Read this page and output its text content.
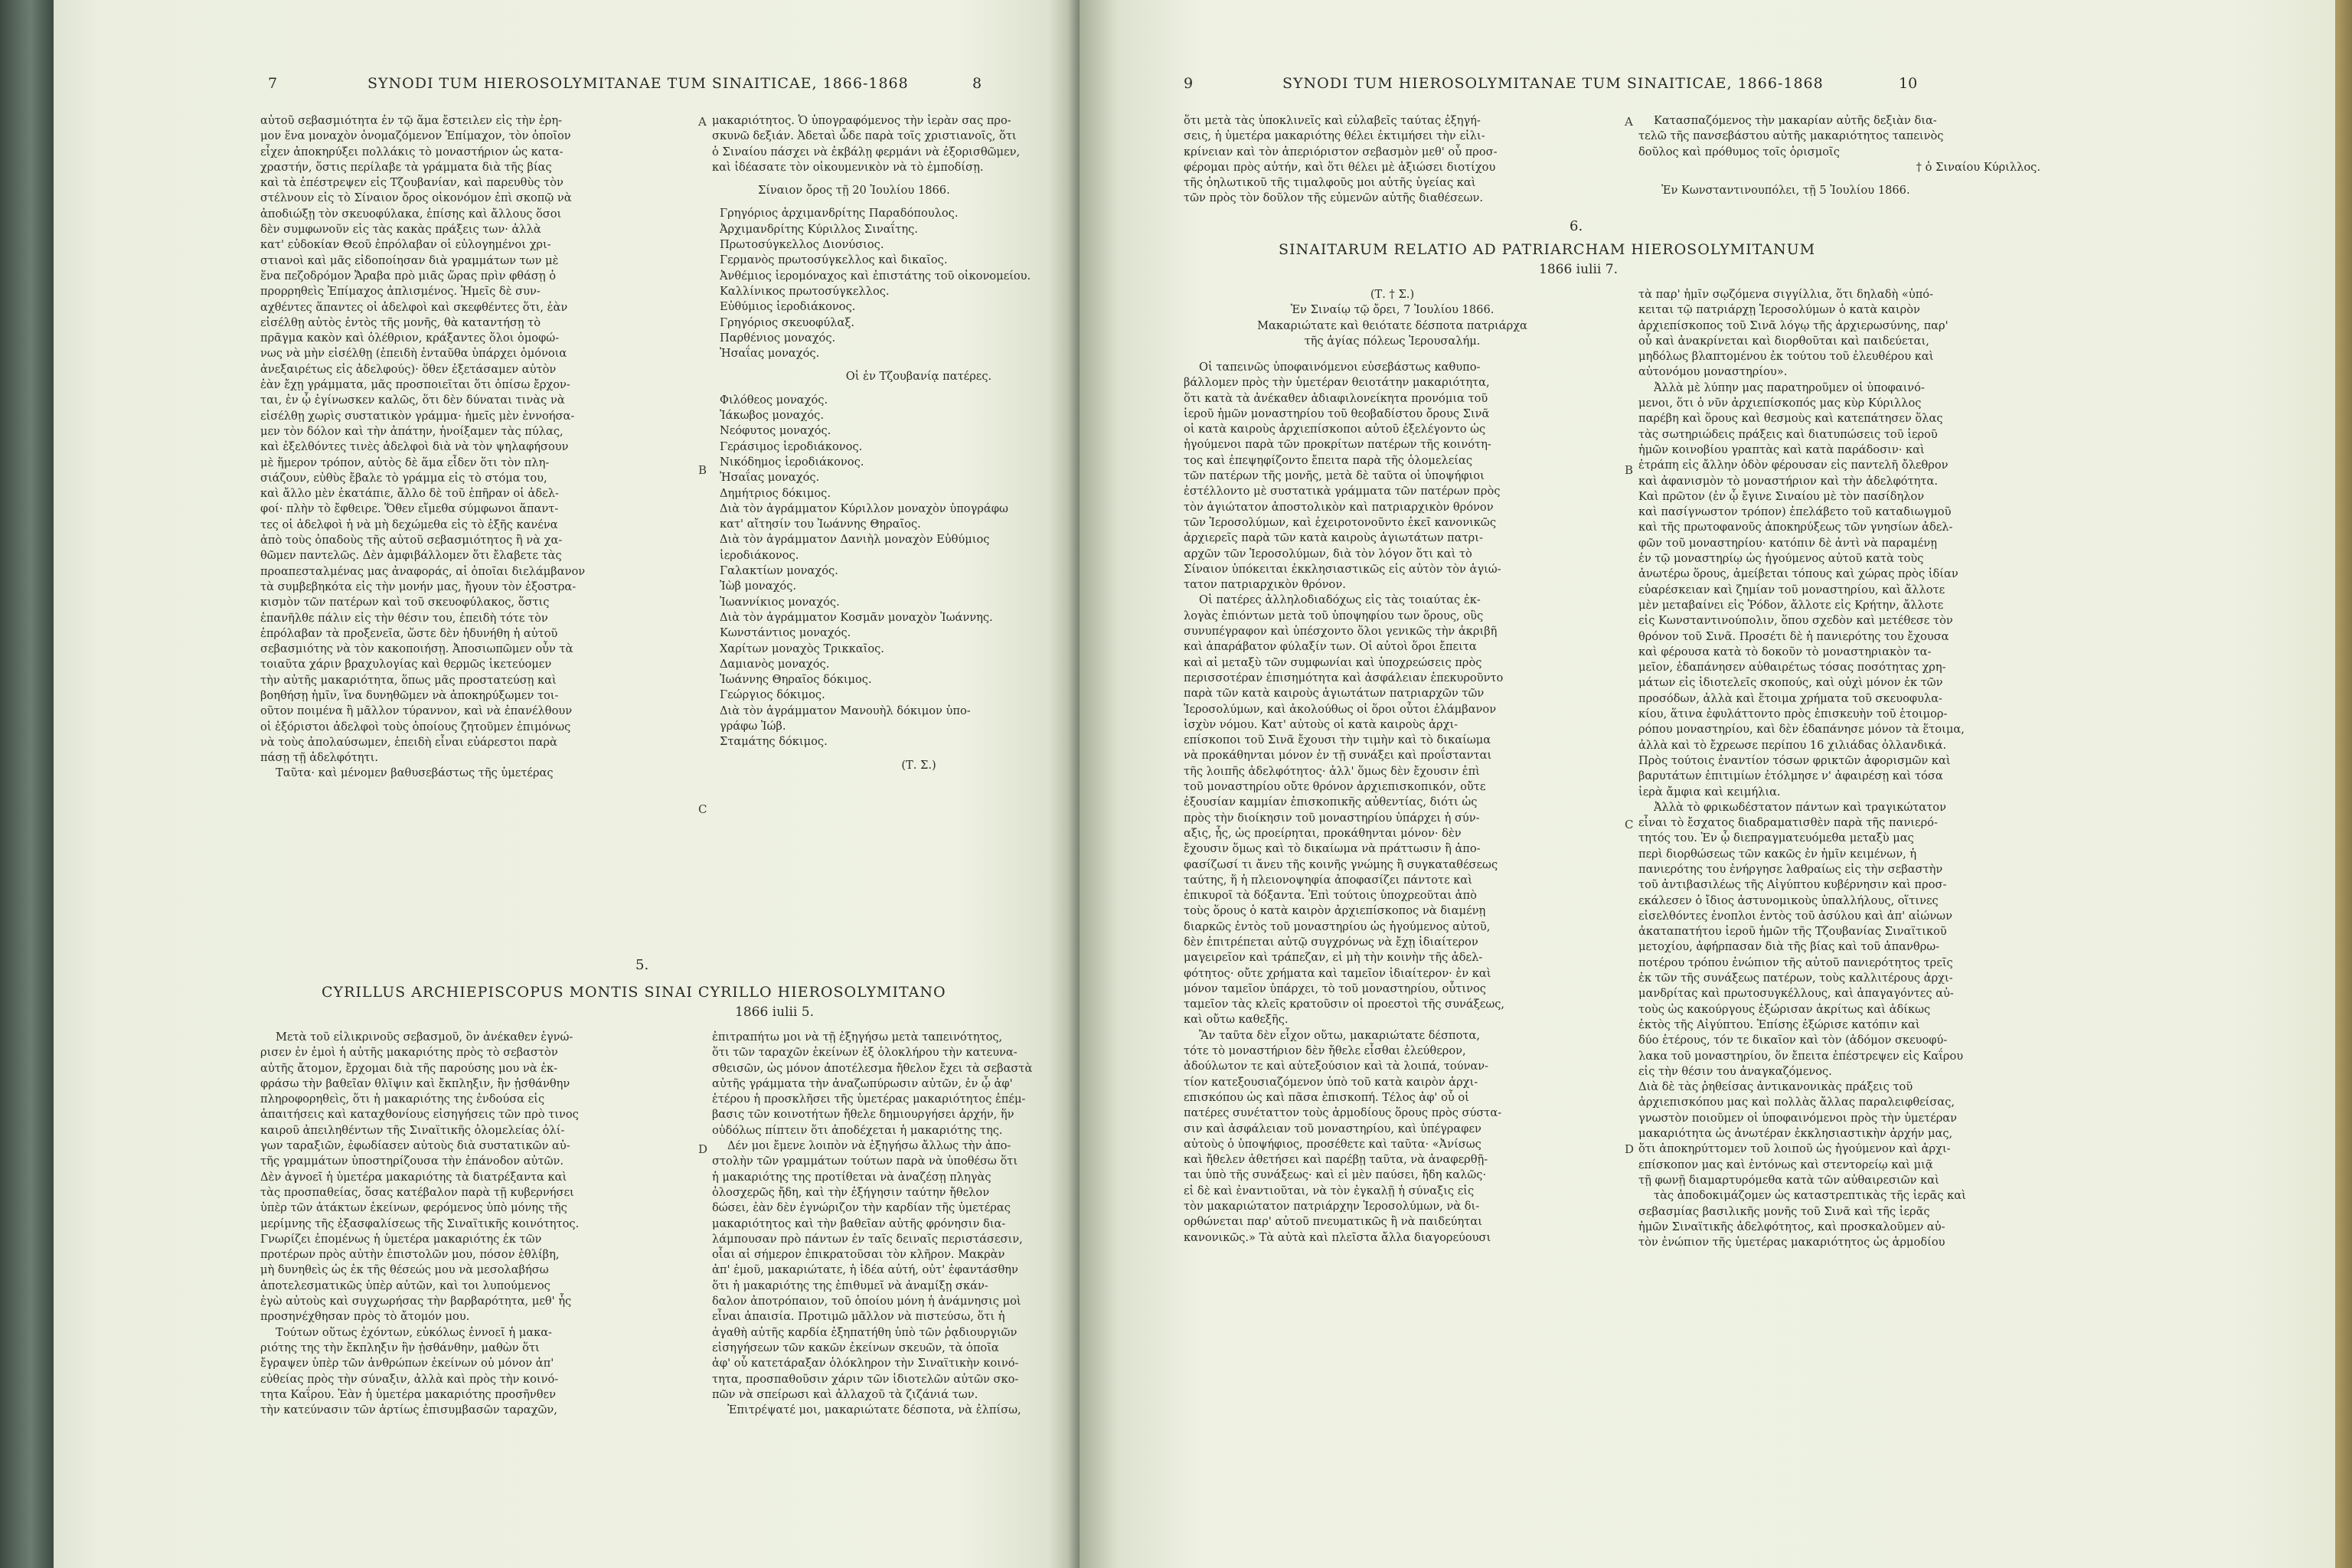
7	SYNODI TUM HIEROSOLYMITANAE TUM SINAITICAE, 1866-1868	8
αὐτοῦ σεβασμιότητα ἐν τῷ ἅμα ἔστειλεν εἰς τὴν ἐρη-
μον ἕνα μοναχὸν ὀνομαζόμενον Ἐπίμαχον, τὸν ὁποῖον
εἶχεν ἀποκηρύξει πολλάκις τὸ μοναστήριον ὡς κατα-
χραστήν, ὅστις περίλαβε τὰ γράμματα διὰ τῆς βίας
καὶ τὰ ἐπέστρεψεν εἰς Τζουβανίαν, καὶ παρευθὺς τὸν
στέλνουν εἰς τὸ Σίναιον ὄρος οἰκονόμον ἐπὶ σκοπῷ νὰ
ἀποδιώξῃ τὸν σκευοφύλακα, ἐπίσης καὶ ἄλλους ὅσοι
δὲν συμφωνοῦν εἰς τὰς κακὰς πράξεις των· ἀλλὰ
κατ' εὐδοκίαν Θεοῦ ἐπρόλαβαν οἱ εὐλογημένοι χρι-
στιανοὶ καὶ μᾶς εἰδοποίησαν διὰ γραμμάτων των μὲ
ἕνα πεζοδρόμον Ἄραβα πρὸ μιᾶς ὥρας πρὶν φθάσῃ ὁ
προρρηθεὶς Ἐπίμαχος ἀπλισμένος. Ἡμεῖς δὲ συν-
αχθέντες ἅπαντες οἱ ἀδελφοὶ καὶ σκεφθέντες ὅτι, ἐὰν
εἰσέλθῃ αὐτὸς ἐντὸς τῆς μονῆς, θὰ καταντήσῃ τὸ
πρᾶγμα κακὸν καὶ ὀλέθριον, κράξαντες ὅλοι ὁμοφώ-
νως νὰ μὴν εἰσέλθῃ (ἐπειδὴ ἐνταῦθα ὑπάρχει ὁμόνοια
ἀνεξαιρέτως εἰς ἀδελφούς)· ὅθεν ἐξετάσαμεν αὐτὸν
ἐὰν ἔχῃ γράμματα, μᾶς προσποιεῖται ὅτι ὀπίσω ἔρχον-
ται, ἐν ᾧ ἐγίνωσκεν καλῶς, ὅτι δὲν δύναται τινὰς νὰ
εἰσέλθῃ χωρὶς συστατικὸν γράμμα· ἡμεῖς μὲν ἐννοήσα-
μεν τὸν δόλον καὶ τὴν ἀπάτην, ἠνοίξαμεν τὰς πύλας,
καὶ ἐξελθόντες τινὲς ἀδελφοὶ διὰ νὰ τὸν ψηλαφήσουν
μὲ ἥμερον τρόπον, αὐτὸς δὲ ἅμα εἶδεν ὅτι τὸν πλη-
σιάζουν, εὐθὺς ἔβαλε τὸ γράμμα εἰς τὸ στόμα του,
καὶ ἄλλο μὲν ἐκατάπιε, ἄλλο δὲ τοῦ ἐπῆραν οἱ ἀδελ-
φοί· πλὴν τὸ ἔφθειρε. Ὅθεν εἴμεθα σύμφωνοι ἅπαντ-
τες οἱ ἀδελφοὶ ἡ νὰ μὴ δεχώμεθα εἰς τὸ ἑξῆς κανένα
ἀπὸ τοὺς ὀπαδοὺς τῆς αὐτοῦ σεβασμιότητος ἢ νὰ χα-
θῶμεν παντελῶς. Δὲν ἀμφιβάλλομεν ὅτι ἔλαβετε τὰς
προαπεσταλμένας μας ἀναφοράς, αἱ ὁποῖαι διελάμβανον
τὰ συμβεβηκότα εἰς τὴν μονήν μας, ἤγουν τὸν ἐξοστρα-
κισμὸν τῶν πατέρων καὶ τοῦ σκευοφύλακος, ὅστις
ἐπανῆλθε πάλιν εἰς τὴν θέσιν του, ἐπειδὴ τότε τὸν
ἐπρόλαβαν τὰ προξενεῖα, ὥστε δὲν ἠδυνήθη ἡ αὐτοῦ
σεβασμιότης νὰ τὸν κακοποιήσῃ. Ἀποσιωπῶμεν οὖν τὰ
τοιαῦτα χάριν βραχυλογίας καὶ θερμῶς ἱκετεύομεν
τὴν αὐτῆς μακαριότητα, ὅπως μᾶς προστατεύσῃ καὶ
βοηθήσῃ ἡμῖν, ἵνα δυνηθῶμεν νὰ ἀποκηρύξωμεν τοι-
οῦτον ποιμένα ἢ μᾶλλον τύραννον, καὶ νὰ ἐπανέλθουν
οἱ ἐξόριστοι ἀδελφοὶ τοὺς ὁποίους ζητοῦμεν ἐπιμόνως
νὰ τοὺς ἀπολαύσωμεν, ἐπειδὴ εἶναι εὐάρεστοι παρὰ
πάσῃ τῇ ἀδελφότητι.
Ταῦτα· καὶ μένομεν βαθυσεβάστως τῆς ὑμετέρας
μακαριότητος. Ὁ ὑπογραφόμενος τὴν ἱερὰν σας προ-
σκυνῶ δεξιάν. Ἀδεταὶ ὧδε παρὰ τοῖς χριστιανοῖς, ὅτι
ὁ Σιναίου πάσχει νὰ ἐκβάλῃ φερμάνι νὰ ἐξορισθῶμεν,
καὶ ἰδέασατε τὸν οἰκουμενικὸν νὰ τὸ ἐμποδίσῃ.
Σίναιον ὄρος τῇ 20 Ἰουλίου 1866.
Γρηγόριος ἀρχιμανδρίτης Παραδόπουλος.
Ἀρχιμανδρίτης Κύριλλος Σιναΐτης.
Πρωτοσύγκελλος Διονύσιος.
Γερμανὸς πρωτοσύγκελλος καὶ δικαῖος.
Ἀνθέμιος ἱερομόναχος καὶ ἐπιστάτης τοῦ οἰκονομείου.
Καλλίνικος πρωτοσύγκελλος.
Εὐθύμιος ἱεροδιάκονος.
Γρηγόριος σκευοφύλαξ.
Παρθένιος μοναχός.
Ἠσαΐας μοναχός.
Οἱ ἐν Τζουβανίᾳ πατέρες.
Φιλόθεος μοναχός.
Ἰάκωβος μοναχός.
Νεόφυτος μοναχός.
Γεράσιμος ἱεροδιάκονος.
Νικόδημος ἱεροδιάκονος.
Ἠσαΐας μοναχός.
Δημήτριος δόκιμος.
Διὰ τὸν ἀγράμματον Κύριλλον μοναχὸν ὑπογράφω
κατ' αἴτησίν του Ἰωάννης Θηραῖος.
Διὰ τὸν ἀγράμματον Δανιὴλ μοναχὸν Εὐθύμιος
ἱεροδιάκονος.
Γαλακτίων μοναχός.
Ἰὼβ μοναχός.
Ἰωαννίκιος μοναχός.
Διὰ τὸν ἀγράμματον Κοσμᾶν μοναχὸν Ἰωάννης.
Κωνστάντιος μοναχός.
Χαρίτων μοναχὸς Τρικκαῖος.
Δαμιανὸς μοναχός.
Ἰωάννης Θηραῖος δόκιμος.
Γεώργιος δόκιμος.
Διὰ τὸν ἀγράμματον Μανουὴλ δόκιμον ὑπο-
γράφω Ἰώβ.
Σταμάτης δόκιμος.
(Τ. Σ.)
5.
CYRILLUS ARCHIEPISCOPUS MONTIS SINAI CYRILLO HIEROSOLYMITANO
1866 iulii 5.
Μετὰ τοῦ εἰλικρινοῦς σεβασμοῦ, ὃν ἀνέκαθεν ἐγνώ-
ρισεν ἐν ἐμοὶ ἡ αὐτῆς μακαριότης πρὸς τὸ σεβαστὸν
αὐτῆς ἄτομον, ἔρχομαι διὰ τῆς παρούσης μου νὰ ἐκ-
φράσω τὴν βαθεῖαν θλῖψιν καὶ ἔκπληξιν, ἣν ᾐσθάνθην
πληροφορηθεὶς, ὅτι ἡ μακαριότης της ἐνδούσα εἰς
ἀπαιτήσεις καὶ καταχθονίους εἰσηγήσεις τῶν πρὸ τινος
καιροῦ ἀπειληθέντων τῆς Σιναϊτικῆς ὁλομελείας ὀλί-
γων ταραξιῶν, ἐφωδίασεν αὐτοὺς διὰ συστατικῶν αὐ-
τῆς γραμμάτων ὑποστηρίζουσα τὴν ἐπάνοδον αὐτῶν.
Δὲν ἀγνοεῖ ἡ ὑμετέρα μακαριότης τὰ διατρέξαντα καὶ
τὰς προσπαθείας, ὅσας κατέβαλον παρὰ τῇ κυβερνήσει
ὑπὲρ τῶν ἀτάκτων ἐκείνων, φερόμενος ὑπὸ μόνης τῆς
μερίμνης τῆς ἐξασφαλίσεως τῆς Σιναϊτικῆς κοινότητος.
Γνωρίζει ἐπομένως ἡ ὑμετέρα μακαριότης ἐκ τῶν
προτέρων πρὸς αὐτὴν ἐπιστολῶν μου, πόσον ἐθλίβη,
μὴ δυνηθεὶς ὡς ἐκ τῆς θέσεώς μου νὰ μεσολαβήσω
ἀποτελεσματικῶς ὑπὲρ αὐτῶν, καὶ τοι λυπούμενος
ἐγὼ αὐτοὺς καὶ συγχωρήσας τὴν βαρβαρότητα, μεθ' ἧς
προσηνέχθησαν πρὸς τὸ ἄτομόν μου.
Τούτων οὕτως ἐχόντων, εὐκόλως ἐννοεῖ ἡ μακα-
ριότης της τὴν ἔκπληξιν ἣν ᾐσθάνθην, μαθὼν ὅτι
ἔγραψεν ὑπὲρ τῶν ἀνθρώπων ἐκείνων οὐ μόνον ἀπ'
εὐθείας πρὸς τὴν σύναξιν, ἀλλὰ καὶ πρὸς τὴν κοινό-
τητα Καΐρου. Ἐὰν ἡ ὑμετέρα μακαριότης προσῆνθεν
τὴν κατεύνασιν τῶν ἀρτίως ἐπισυμβασῶν ταραχῶν,
ἐπιτραπήτω μοι νὰ τῇ ἐξηγήσω μετὰ ταπεινότητος,
ὅτι τῶν ταραχῶν ἐκείνων ἐξ ὁλοκλήρου τὴν κατευνα-
σθεισῶν, ὡς μόνον ἀποτέλεσμα ἤθελον ἔχει τὰ σεβαστὰ
αὐτῆς γράμματα τὴν ἀναζωπύρωσιν αὐτῶν, ἐν ᾧ ἀφ'
ἑτέρου ἡ προσκλῆσει τῆς ὑμετέρας μακαριότητος ἐπέμ-
βασις τῶν κοινοτήτων ἤθελε δημιουργήσει ἀρχήν, ἥν
οὐδόλως πίπτειν ὅτι ἀποδέχεται ἡ μακαριότης της.
Δέν μοι ἔμενε λοιπὸν νὰ ἐξηγήσω ἄλλως τὴν ἀπο-
στολὴν τῶν γραμμάτων τούτων παρὰ νὰ ὑποθέσω ὅτι
ἡ μακαριότης της προτίθεται νὰ ἀναζέσῃ πληγὰς
ὁλοσχερῶς ἤδη, καὶ τὴν ἐξήγησιν ταύτην ἤθελον
δώσει, ἐὰν δὲν ἐγνώριζον τὴν καρδίαν τῆς ὑμετέρας
μακαριότητος καὶ τὴν βαθεῖαν αὐτῆς φρόνησιν δια-
λάμπουσαν πρὸ πάντων ἐν ταῖς δειναῖς περιστάσεσιν,
οἷαι αἱ σήμερον ἐπικρατοῦσαι τὸν κλῆρον. Μακρὰν
ἀπ' ἐμοῦ, μακαριώτατε, ἡ ἰδέα αὐτή, οὐτ' ἐφαντάσθην
ὅτι ἡ μακαριότης της ἐπιθυμεῖ νὰ ἀναμίξῃ σκάν-
δαλον ἀποτρόπαιον, τοῦ ὁποίου μόνη ἡ ἀνάμνησις μοὶ
εἶναι ἀπαισία. Προτιμῶ μᾶλλον νὰ πιστεύσω, ὅτι ἡ
ἀγαθὴ αὐτῆς καρδία ἐξηπατήθη ὑπὸ τῶν ῥᾳδιουργιῶν
εἰσηγήσεων τῶν κακῶν ἐκείνων σκευῶν, τὰ ὁποῖα
ἀφ' οὗ κατετάραξαν ὁλόκληρον τὴν Σιναϊτικὴν κοινό-
τητα, προσπαθοῦσιν χάριν τῶν ἰδιοτελῶν αὐτῶν σκο-
πῶν νὰ σπείρωσι καὶ ἀλλαχοῦ τὰ ζιζάνιά των.
Ἐπιτρέψατέ μοι, μακαριώτατε δέσποτα, νὰ ἐλπίσω,
A
B
C
D
9	SYNODI TUM HIEROSOLYMITANAE TUM SINAITICAE, 1866-1868	10
ὅτι μετὰ τὰς ὑποκλινεῖς καὶ εὐλαβεῖς ταύτας ἐξηγή-
σεις, ἡ ὑμετέρα μακαριότης θέλει ἐκτιμήσει τὴν εἰλι-
κρίνειαν καὶ τὸν ἀπεριόριστον σεβασμὸν μεθ' οὗ προσ-
φέρομαι πρὸς αὐτήν, καὶ ὅτι θέλει μὲ ἀξιώσει διοτίχου
τῆς ὀηλωτικοῦ τῆς τιμαλφοῦς μοι αὐτῆς ὑγείας καὶ
τῶν πρὸς τὸν δοῦλον τῆς εὐμενῶν αὐτῆς διαθέσεων.
Κατασπαζόμενος τὴν μακαρίαν αὐτῆς δεξιὰν δια-
τελῶ τῆς πανσεβάστου αὐτῆς μακαριότητος ταπεινὸς
δοῦλος καὶ πρόθυμος τοῖς ὁρισμοῖς
† ὁ Σιναίου Κύριλλος.
Ἐν Κωνσταντινουπόλει, τῇ 5 Ἰουλίου 1866.
6.
SINAITARUM RELATIO AD PATRIARCHAM HIEROSOLYMITANUM
1866 iulii 7.
(Τ. † Σ.)
Ἐν Σιναίῳ τῷ ὄρει, 7 Ἰουλίου 1866.
Μακαριώτατε καὶ θειότατε δέσποτα πατριάρχα
τῆς ἁγίας πόλεως Ἱερουσαλήμ.
Οἱ ταπεινῶς ὑποφαινόμενοι εὐσεβάστως καθυπο-
βάλλομεν πρὸς τὴν ὑμετέραν θειοτάτην μακαριότητα,
ὅτι κατὰ τὰ ἀνέκαθεν ἀδιαφιλονείκητα προνόμια τοῦ
ἱεροῦ ἡμῶν μοναστηρίου τοῦ θεοβαδίστου ὄρους Σινᾶ
οἱ κατὰ καιροὺς ἀρχιεπίσκοποι αὐτοῦ ἐξελέγοντο ὡς
ἡγούμενοι παρὰ τῶν προκρίτων πατέρων τῆς κοινότη-
τος καὶ ἐπεψηφίζοντο ἔπειτα παρὰ τῆς ὁλομελείας
τῶν πατέρων τῆς μονῆς, μετὰ δὲ ταῦτα οἱ ὑποψήφιοι
ἐστέλλοντο μὲ συστατικὰ γράμματα τῶν πατέρων πρὸς
τὸν ἁγιώτατον ἀποστολικὸν καὶ πατριαρχικὸν θρόνον
τῶν Ἱεροσολύμων, καὶ ἐχειροτονοῦντο ἐκεῖ κανονικῶς
ἀρχιερεῖς παρὰ τῶν κατὰ καιροὺς ἁγιωτάτων πατρι-
αρχῶν τῶν Ἱεροσολύμων, διὰ τὸν λόγον ὅτι καὶ τὸ
Σίναιον ὑπόκειται ἐκκλησιαστικῶς εἰς αὐτὸν τὸν ἁγιώ-
τατον πατριαρχικὸν θρόνον.
Οἱ πατέρες ἀλληλοδιαδόχως εἰς τὰς τοιαύτας ἐκ-
λογὰς ἐπιόντων μετὰ τοῦ ὑποψηφίου των ὅρους, οὓς
συνυπέγραφον καὶ ὑπέσχοντο ὅλοι γενικῶς τὴν ἀκριβῆ
καὶ ἀπαράβατον φύλαξίν των. Οἱ αὐτοὶ ὅροι ἔπειτα
καὶ αἱ μεταξὺ τῶν συμφωνίαι καὶ ὑποχρεώσεις πρὸς
περισσοτέραν ἐπισημότητα καὶ ἀσφάλειαν ἐπεκυροῦντο
παρὰ τῶν κατὰ καιροὺς ἁγιωτάτων πατριαρχῶν τῶν
Ἱεροσολύμων, καὶ ἀκολούθως οἱ ὅροι οὗτοι ἐλάμβανον
ἰσχὺν νόμου. Κατ' αὐτοὺς οἱ κατὰ καιροὺς ἀρχι-
επίσκοποι τοῦ Σινᾶ ἔχουσι τὴν τιμὴν καὶ τὸ δικαίωμα
νὰ προκάθηνται μόνον ἐν τῇ συνάξει καὶ προΐστανται
τῆς λοιπῆς ἀδελφότητος· ἀλλ' ὅμως δὲν ἔχουσιν ἐπὶ
τοῦ μοναστηρίου οὔτε θρόνον ἀρχιεπισκοπικόν, οὔτε
ἐξουσίαν καμμίαν ἐπισκοπικῆς αὐθεντίας, διότι ὡς
πρὸς τὴν διοίκησιν τοῦ μοναστηρίου ὑπάρχει ἡ σύν-
αξις, ἧς, ὡς προείρηται, προκάθηνται μόνον· δὲν
ἔχουσιν ὅμως καὶ τὸ δικαίωμα νὰ πράττωσιν ἢ ἀπο-
φασίζωσί τι ἄνευ τῆς κοινῆς γνώμης ἢ συγκαταθέσεως
ταύτης, ἥ ἡ πλειονοψηφία ἀποφασίζει πάντοτε καὶ
ἐπικυροῖ τὰ δόξαντα. Ἐπὶ τούτοις ὑποχρεοῦται ἀπὸ
τοὺς ὅρους ὁ κατὰ καιρὸν ἀρχιεπίσκοπος νὰ διαμένῃ
διαρκῶς ἐντὸς τοῦ μοναστηρίου ὡς ἡγούμενος αὐτοῦ,
δὲν ἐπιτρέπεται αὐτῷ συγχρόνως νὰ ἔχῃ ἰδιαίτερον
μαγειρεῖον καὶ τράπεζαν, εἰ μὴ τὴν κοινὴν τῆς ἀδελ-
φότητος· οὔτε χρήματα καὶ ταμεῖον ἰδιαίτερον· ἐν καὶ
μόνον ταμεῖον ὑπάρχει, τὸ τοῦ μοναστηρίου, οὗτινος
ταμεῖον τὰς κλεῖς κρατοῦσιν οἱ προεστοὶ τῆς συνάξεως,
καὶ οὔτω καθεξῆς.
Ἂν ταῦτα δὲν εἶχον οὕτω, μακαριώτατε δέσποτα,
τότε τὸ μοναστήριον δὲν ἤθελε εἶσθαι ἐλεύθερον,
ἀδούλωτον τε καὶ αὐτεξούσιον καὶ τὰ λοιπά, τούναν-
τίον κατεξουσιαζόμενον ὑπὸ τοῦ κατὰ καιρὸν ἀρχι-
επισκόπου ὡς καὶ πᾶσα ἐπισκοπή. Τέλος ἀφ' οὗ οἱ
πατέρες συνέταττον τοὺς ἀρμοδίους ὅρους πρὸς σύστα-
σιν καὶ ἀσφάλειαν τοῦ μοναστηρίου, καὶ ὑπέγραφεν
αὐτοὺς ὁ ὑποψήφιος, προσέθετε καὶ ταῦτα· «Ἀνίσως
καὶ ἤθελεν ἀθετήσει καὶ παρέβῃ ταῦτα, νὰ ἀναφερθῇ-
ται ὑπὸ τῆς συνάξεως· καὶ εἰ μὲν παύσει, ἤδη καλῶς·
εἰ δὲ καὶ ἐναντιοῦται, νὰ τὸν ἐγκαλῇ ἡ σύναξις εἰς
τὸν μακαριώτατον πατριάρχην Ἱεροσολύμων, νὰ δι-
ορθώνεται παρ' αὐτοῦ πνευματικῶς ἢ νὰ παιδεύηται
κανονικῶς.» Τὰ αὐτὰ καὶ πλεῖστα ἄλλα διαγορεύουσι
τὰ παρ' ἡμῖν σῳζόμενα σιγγίλλια, ὅτι δηλαδὴ «ὑπό-
κειται τῷ πατριάρχῃ Ἱεροσολύμων ὁ κατὰ καιρὸν
ἀρχιεπίσκοπος τοῦ Σινᾶ λόγῳ τῆς ἀρχιερωσύνης, παρ'
οὗ καὶ ἀνακρίνεται καὶ διορθοῦται καὶ παιδεύεται,
μηδόλως βλαπτομένου ἐκ τούτου τοῦ ἐλευθέρου καὶ
αὐτονόμου μοναστηρίου».
Ἀλλὰ μὲ λύπην μας παρατηροῦμεν οἱ ὑποφαινό-
μενοι, ὅτι ὁ νῦν ἀρχιεπίσκοπός μας κὺρ Κύριλλος
παρέβη καὶ ὅρους καὶ θεσμοὺς καὶ κατεπάτησεν ὅλας
τὰς σωτηριώδεις πράξεις καὶ διατυπώσεις τοῦ ἱεροῦ
ἡμῶν κοινοβίου γραπτὰς καὶ κατὰ παράδοσιν· καὶ
ἐτράπη εἰς ἄλλην ὁδὸν φέρουσαν εἰς παντελῆ ὄλεθρον
καὶ ἀφανισμὸν τὸ μοναστήριον καὶ τὴν ἀδελφότητα.
Καὶ πρῶτον (ἐν ᾧ ἔγινε Σιναίου μὲ τὸν πασίδηλον
καὶ πασίγνωστον τρόπον) ἐπελάβετο τοῦ καταδιωγμοῦ
καὶ τῆς πρωτοφανοῦς ἀποκηρύξεως τῶν γνησίων ἀδελ-
φῶν τοῦ μοναστηρίου· κατόπιν δὲ ἀντὶ νὰ παραμένῃ
ἐν τῷ μοναστηρίῳ ὡς ἡγούμενος αὐτοῦ κατὰ τοὺς
ἀνωτέρω ὅρους, ἀμείβεται τόπους καὶ χώρας πρὸς ἰδίαν
εὐαρέσκειαν καὶ ζημίαν τοῦ μοναστηρίου, καὶ ἄλλοτε
μὲν μεταβαίνει εἰς Ῥόδον, ἄλλοτε εἰς Κρήτην, ἄλλοτε
εἰς Κωνσταντινούπολιν, ὅπου σχεδὸν καὶ μετέθεσε τὸν
θρόνον τοῦ Σινᾶ. Προσέτι δὲ ἡ πανιερότης του ἔχουσα
καὶ φέρουσα κατὰ τὸ δοκοῦν τὸ μοναστηριακὸν τα-
μεῖον, ἐδαπάνησεν αὐθαιρέτως τόσας ποσότητας χρη-
μάτων εἰς ἰδιοτελεῖς σκοπούς, καὶ οὐχὶ μόνον ἐκ τῶν
προσόδων, ἀλλὰ καὶ ἕτοιμα χρήματα τοῦ σκευοφυλα-
κίου, ἅτινα ἐφυλάττοντο πρὸς ἐπισκευὴν τοῦ ἑτοιμορ-
ρόπου μοναστηρίου, καὶ δὲν ἐδαπάνησε μόνον τὰ ἕτοιμα,
ἀλλὰ καὶ τὸ ἔχρεωσε περίπου 16 χιλιάδας ὀλλανδικά.
Πρὸς τούτοις ἐναντίον τόσων φρικτῶν ἀφορισμῶν καὶ
βαρυτάτων ἐπιτιμίων ἐτόλμησε ν' ἀφαιρέσῃ καὶ τόσα
ἱερὰ ἄμφια καὶ κειμήλια.
Ἀλλὰ τὸ φρικωδέστατον πάντων καὶ τραγικώτατον
εἶναι τὸ ἔσχατος διαδραματισθὲν παρὰ τῆς πανιερό-
τητός του. Ἐν ᾧ διεπραγματευόμεθα μεταξὺ μας
περὶ διορθώσεως τῶν κακῶς ἐν ἡμῖν κειμένων, ἡ
πανιερότης του ἐνήργησε λαθραίως εἰς τὴν σεβαστὴν
τοῦ ἀντιβασιλέως τῆς Αἰγύπτου κυβέρνησιν καὶ προσ-
εκάλεσεν ὁ ἴδιος ἀστυνομικοὺς ὑπαλλήλους, οἵτινες
εἰσελθόντες ἐνοπλοι ἐντὸς τοῦ ἀσύλου καὶ ἀπ' αἰώνων
ἀκαταπατήτου ἱεροῦ ἡμῶν τῆς Τζουβανίας Σιναϊτικοῦ
μετοχίου, ἀφήρπασαν διὰ τῆς βίας καὶ τοῦ ἀπανθρω-
ποτέρου τρόπου ἐνώπιον τῆς αὐτοῦ πανιερότητος τρεῖς
ἐκ τῶν τῆς συνάξεως πατέρων, τοὺς καλλιτέρους ἀρχι-
μανδρίτας καὶ πρωτοσυγκέλλους, καὶ ἀπαγαγόντες αὐ-
τοὺς ὡς κακούργους ἐξώρισαν ἀκρίτως καὶ ἀδίκως
ἐκτὸς τῆς Αἰγύπτου. Ἐπίσης ἐξώρισε κατόπιν καὶ
δύο ἑτέρους, τόν τε δικαῖον καὶ τὸν (ἀδόμον σκευοφύ-
λακα τοῦ μοναστηρίου, ὅν ἔπειτα ἐπέστρεψεν εἰς Καΐρου
εἰς τὴν θέσιν του ἀναγκαζόμενος.
Διὰ δὲ τὰς ῥηθείσας ἀντικανονικὰς πράξεις τοῦ
ἀρχιεπισκόπου μας καὶ πολλὰς ἄλλας παραλειφθείσας,
γνωστὸν ποιοῦμεν οἱ ὑποφαινόμενοι πρὸς τὴν ὑμετέραν
μακαριότητα ὡς ἀνωτέραν ἐκκλησιαστικὴν ἀρχήν μας,
ὅτι ἀποκηρύττομεν τοῦ λοιποῦ ὡς ἡγούμενον καὶ ἀρχι-
επίσκοπον μας καὶ ἐντόνως καὶ στεντορείῳ καὶ μιᾷ
τῇ φωνῇ διαμαρτυρόμεθα κατὰ τῶν αὐθαιρεσιῶν καὶ
τὰς ἀποδοκιμάζομεν ὡς καταστρεπτικὰς τῆς ἱερᾶς καὶ
σεβασμίας βασιλικῆς μονῆς τοῦ Σινᾶ καὶ τῆς ἱερᾶς
ἡμῶν Σιναϊτικῆς ἀδελφότητος, καὶ προσκαλοῦμεν αὐ-
τὸν ἐνώπιον τῆς ὑμετέρας μακαριότητος ὡς ἁρμοδίου
A
B
C
D
